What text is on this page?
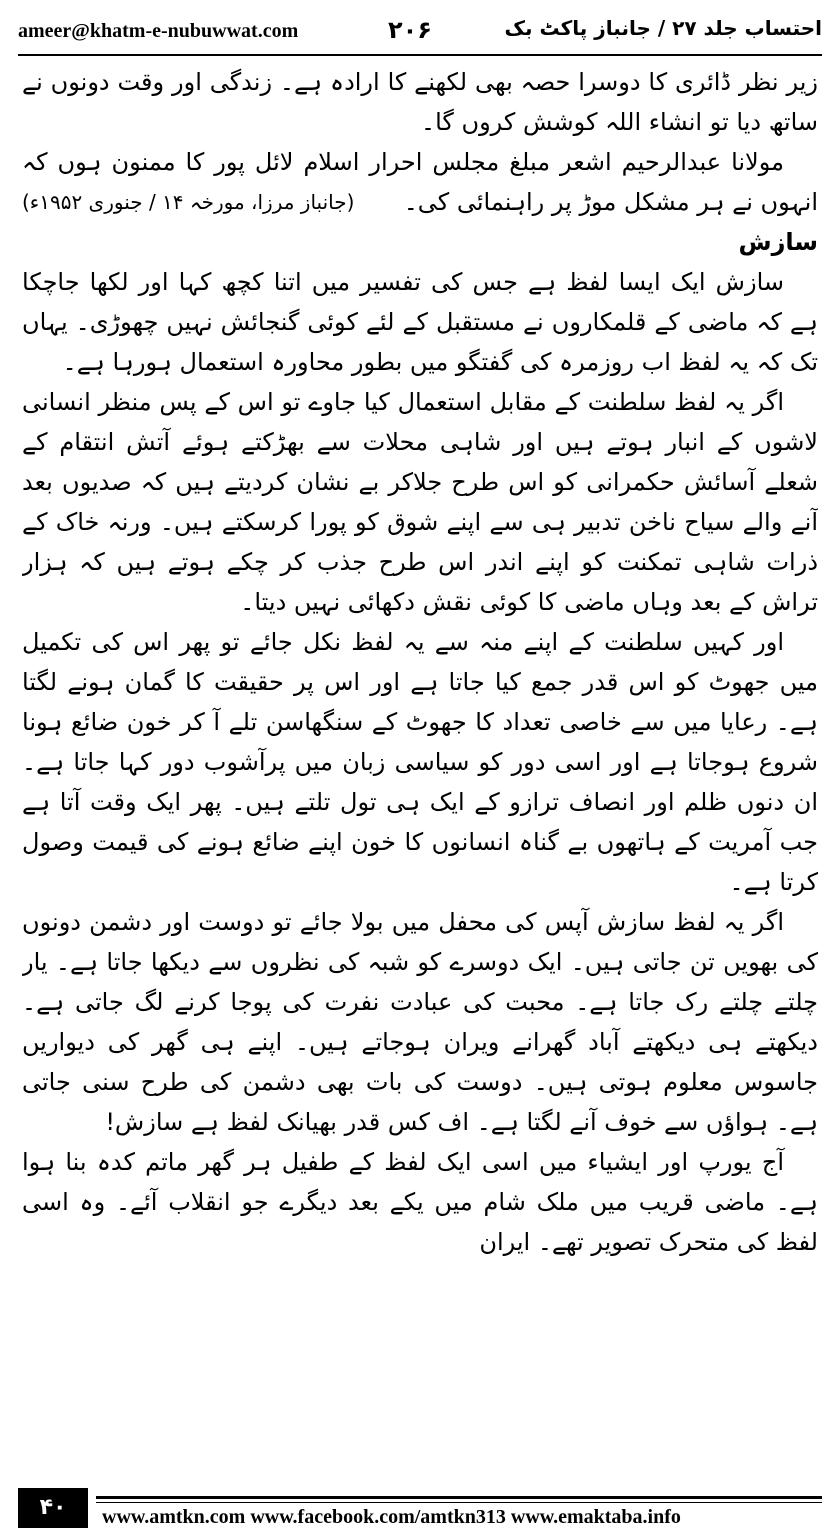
ameer@khatm-e-nubuwwat.com	۲۰۶	احتساب جلد ۲۷ / جانباز پاکٹ بک

زیر نظر ڈائری کا دوسرا حصہ بھی لکھنے کا ارادہ ہے۔ زندگی اور وقت دونوں نے ساتھ دیا تو انشاء اللہ کوشش کروں گا۔

مولانا عبدالرحیم اشعر مبلغ مجلس احرار اسلام لائل پور کا ممنون ہوں کہ انہوں نے ہر مشکل موڑ پر راہنمائی کی۔
(جانباز مرزا، مورخہ ۱۴ / جنوری ۱۹۵۲ء)

سازش

سازش ایک ایسا لفظ ہے جس کی تفسیر میں اتنا کچھ کہا اور لکھا جاچکا ہے کہ ماضی کے قلمکاروں نے مستقبل کے لئے کوئی گنجائش نہیں چھوڑی۔ یہاں تک کہ یہ لفظ اب روزمرہ کی گفتگو میں بطور محاورہ استعمال ہورہا ہے۔

اگر یہ لفظ سلطنت کے مقابل استعمال کیا جاوے تو اس کے پس منظر انسانی لاشوں کے انبار ہوتے ہیں اور شاہی محلات سے بھڑکتے ہوئے آتش انتقام کے شعلے آسائش حکمرانی کو اس طرح جلاکر بے نشان کردیتے ہیں کہ صدیوں بعد آنے والے سیاح ناخن تدبیر ہی سے اپنے شوق کو پورا کرسکتے ہیں۔ ورنہ خاک کے ذرات شاہی تمکنت کو اپنے اندر اس طرح جذب کر چکے ہوتے ہیں کہ ہزار تراش کے بعد وہاں ماضی کا کوئی نقش دکھائی نہیں دیتا۔

اور کہیں سلطنت کے اپنے منہ سے یہ لفظ نکل جائے تو پھر اس کی تکمیل میں جھوٹ کو اس قدر جمع کیا جاتا ہے اور اس پر حقیقت کا گمان ہونے لگتا ہے۔ رعایا میں سے خاصی تعداد کا جھوٹ کے سنگھاسن تلے آ کر خون ضائع ہونا شروع ہوجاتا ہے اور اسی دور کو سیاسی زبان میں پرآشوب دور کہا جاتا ہے۔ ان دنوں ظلم اور انصاف ترازو کے ایک ہی تول تلتے ہیں۔ پھر ایک وقت آتا ہے جب آمریت کے ہاتھوں بے گناہ انسانوں کا خون اپنے ضائع ہونے کی قیمت وصول کرتا ہے۔

اگر یہ لفظ سازش آپس کی محفل میں بولا جائے تو دوست اور دشمن دونوں کی بھویں تن جاتی ہیں۔ ایک دوسرے کو شبہ کی نظروں سے دیکھا جاتا ہے۔ یار چلتے چلتے رک جاتا ہے۔ محبت کی عبادت نفرت کی پوجا کرنے لگ جاتی ہے۔ دیکھتے ہی دیکھتے آباد گھرانے ویران ہوجاتے ہیں۔ اپنے ہی گھر کی دیواریں جاسوس معلوم ہوتی ہیں۔ دوست کی بات بھی دشمن کی طرح سنی جاتی ہے۔ ہواؤں سے خوف آنے لگتا ہے۔ اف کس قدر بھیانک لفظ ہے سازش!

آج یورپ اور ایشیاء میں اسی ایک لفظ کے طفیل ہر گھر ماتم کدہ بنا ہوا ہے۔ ماضی قریب میں ملک شام میں یکے بعد دیگرے جو انقلاب آئے۔ وہ اسی لفظ کی متحرک تصویر تھے۔ ایران

۴۰	www.amtkn.com www.facebook.com/amtkn313 www.emaktaba.info
